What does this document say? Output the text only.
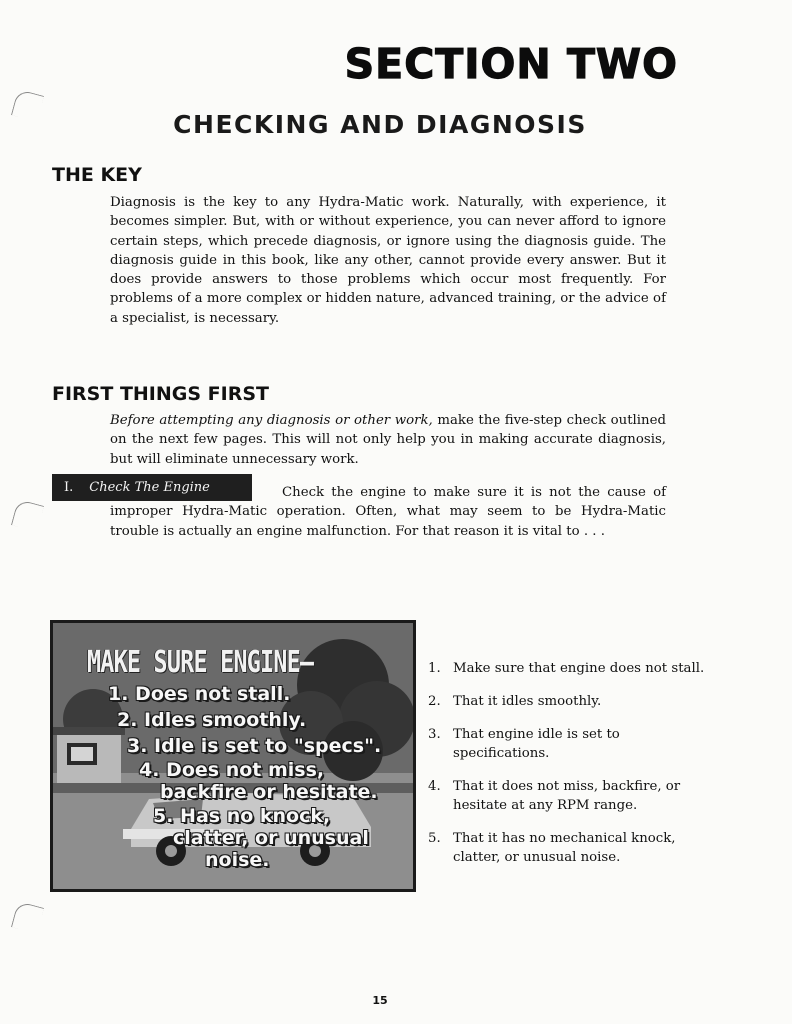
SECTION TWO
CHECKING AND DIAGNOSIS
THE KEY
Diagnosis is the key to any Hydra-Matic work. Naturally, with experience, it becomes simpler. But, with or without experience, you can never afford to ignore certain steps, which precede diagnosis, or ignore using the diagnosis guide. The diagnosis guide in this book, like any other, cannot provide every answer. But it does provide answers to those problems which occur most frequently. For problems of a more complex or hidden nature, advanced training, or the advice of a specialist, is necessary.
FIRST THINGS FIRST
Before attempting any diagnosis or other work, make the five-step check outlined on the next few pages. This will not only help you in making accurate diagnosis, but will eliminate unnecessary work.
I. Check The Engine	Check the engine to make sure it is not the cause of improper Hydra-Matic operation. Often, what may seem to be Hydra-Matic trouble is actually an engine malfunction. For that reason it is vital to . . .
MAKE SURE ENGINE—
1. Does not stall.
2. Idles smoothly.
3. Idle is set to "specs".
4. Does not miss,
backfire or hesitate.
5. Has no knock,
clatter, or unusual
noise.
1. Make sure that engine does not stall.
2. That it idles smoothly.
3. That engine idle is set to specifications.
4. That it does not miss, backfire, or hesitate at any RPM range.
5. That it has no mechanical knock, clatter, or unusual noise.
15
